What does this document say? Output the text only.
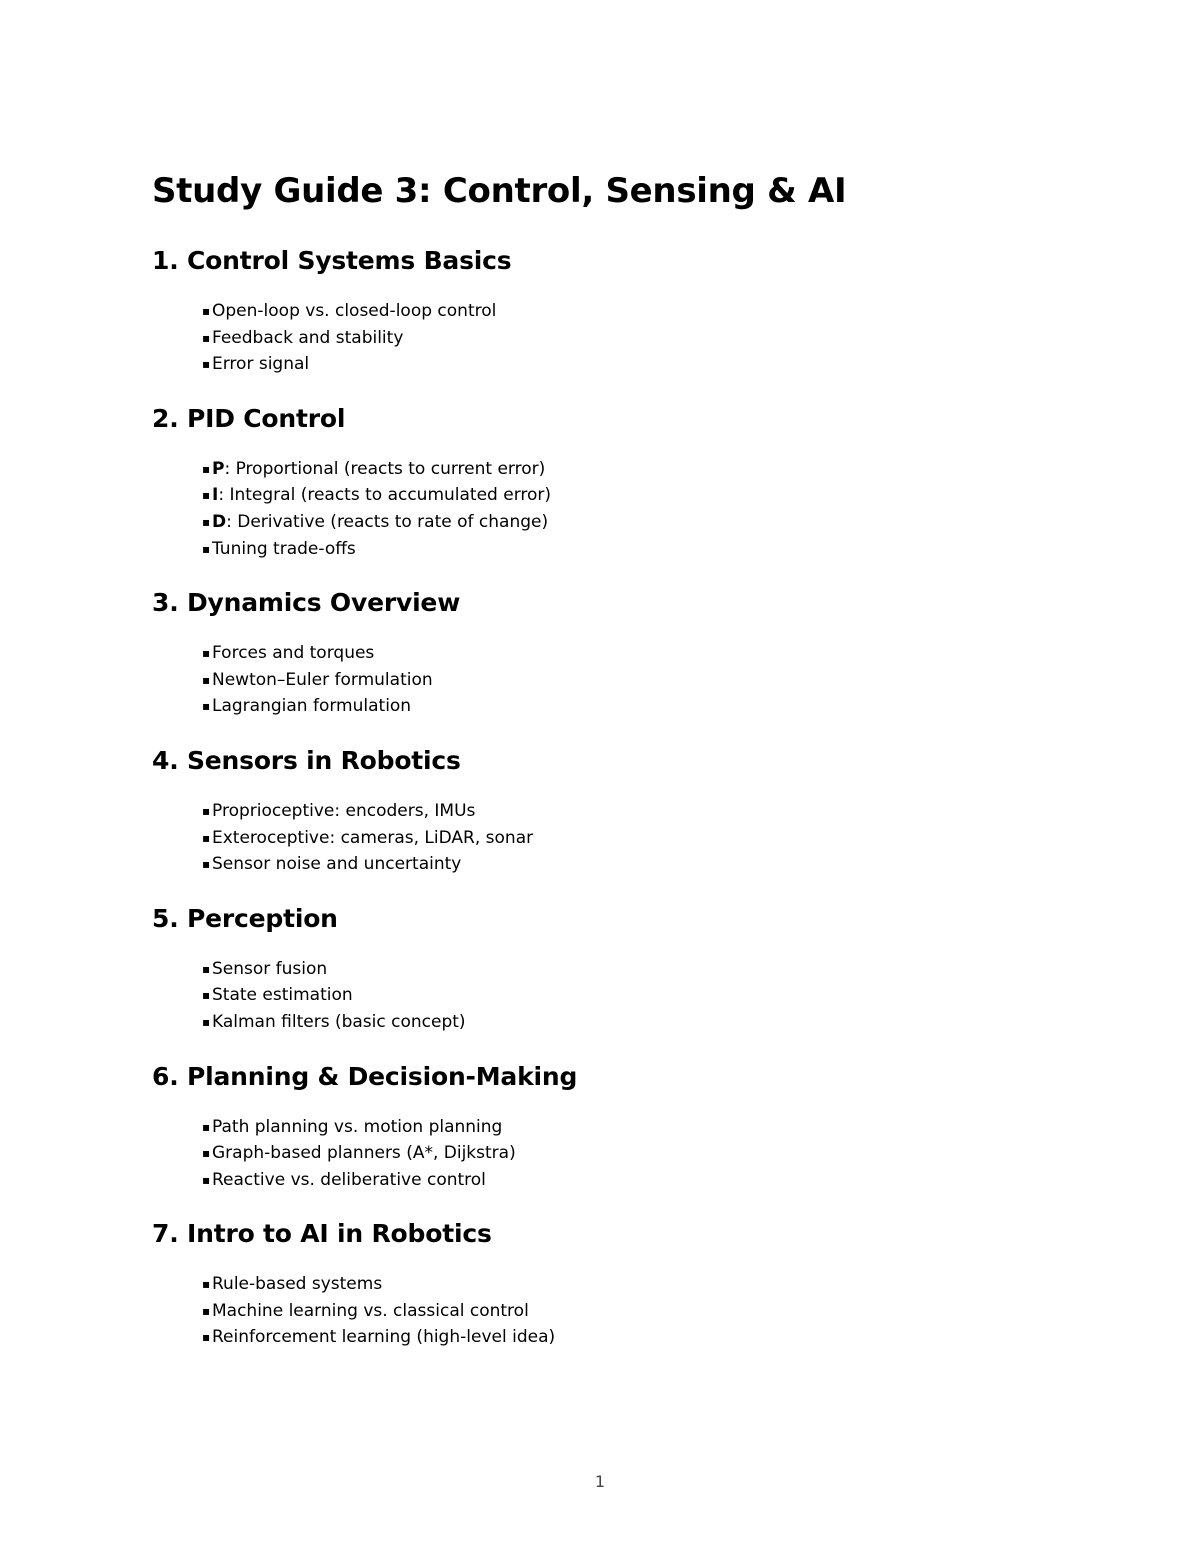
Study Guide 3: Control, Sensing & AI
1. Control Systems Basics
▪ Open-loop vs. closed-loop control
▪ Feedback and stability
▪ Error signal
2. PID Control
▪ P: Proportional (reacts to current error)
▪ I: Integral (reacts to accumulated error)
▪ D: Derivative (reacts to rate of change)
▪ Tuning trade-offs
3. Dynamics Overview
▪ Forces and torques
▪ Newton–Euler formulation
▪ Lagrangian formulation
4. Sensors in Robotics
▪ Proprioceptive: encoders, IMUs
▪ Exteroceptive: cameras, LiDAR, sonar
▪ Sensor noise and uncertainty
5. Perception
▪ Sensor fusion
▪ State estimation
▪ Kalman filters (basic concept)
6. Planning & Decision-Making
▪ Path planning vs. motion planning
▪ Graph-based planners (A*, Dijkstra)
▪ Reactive vs. deliberative control
7. Intro to AI in Robotics
▪ Rule-based systems
▪ Machine learning vs. classical control
▪ Reinforcement learning (high-level idea)
1
